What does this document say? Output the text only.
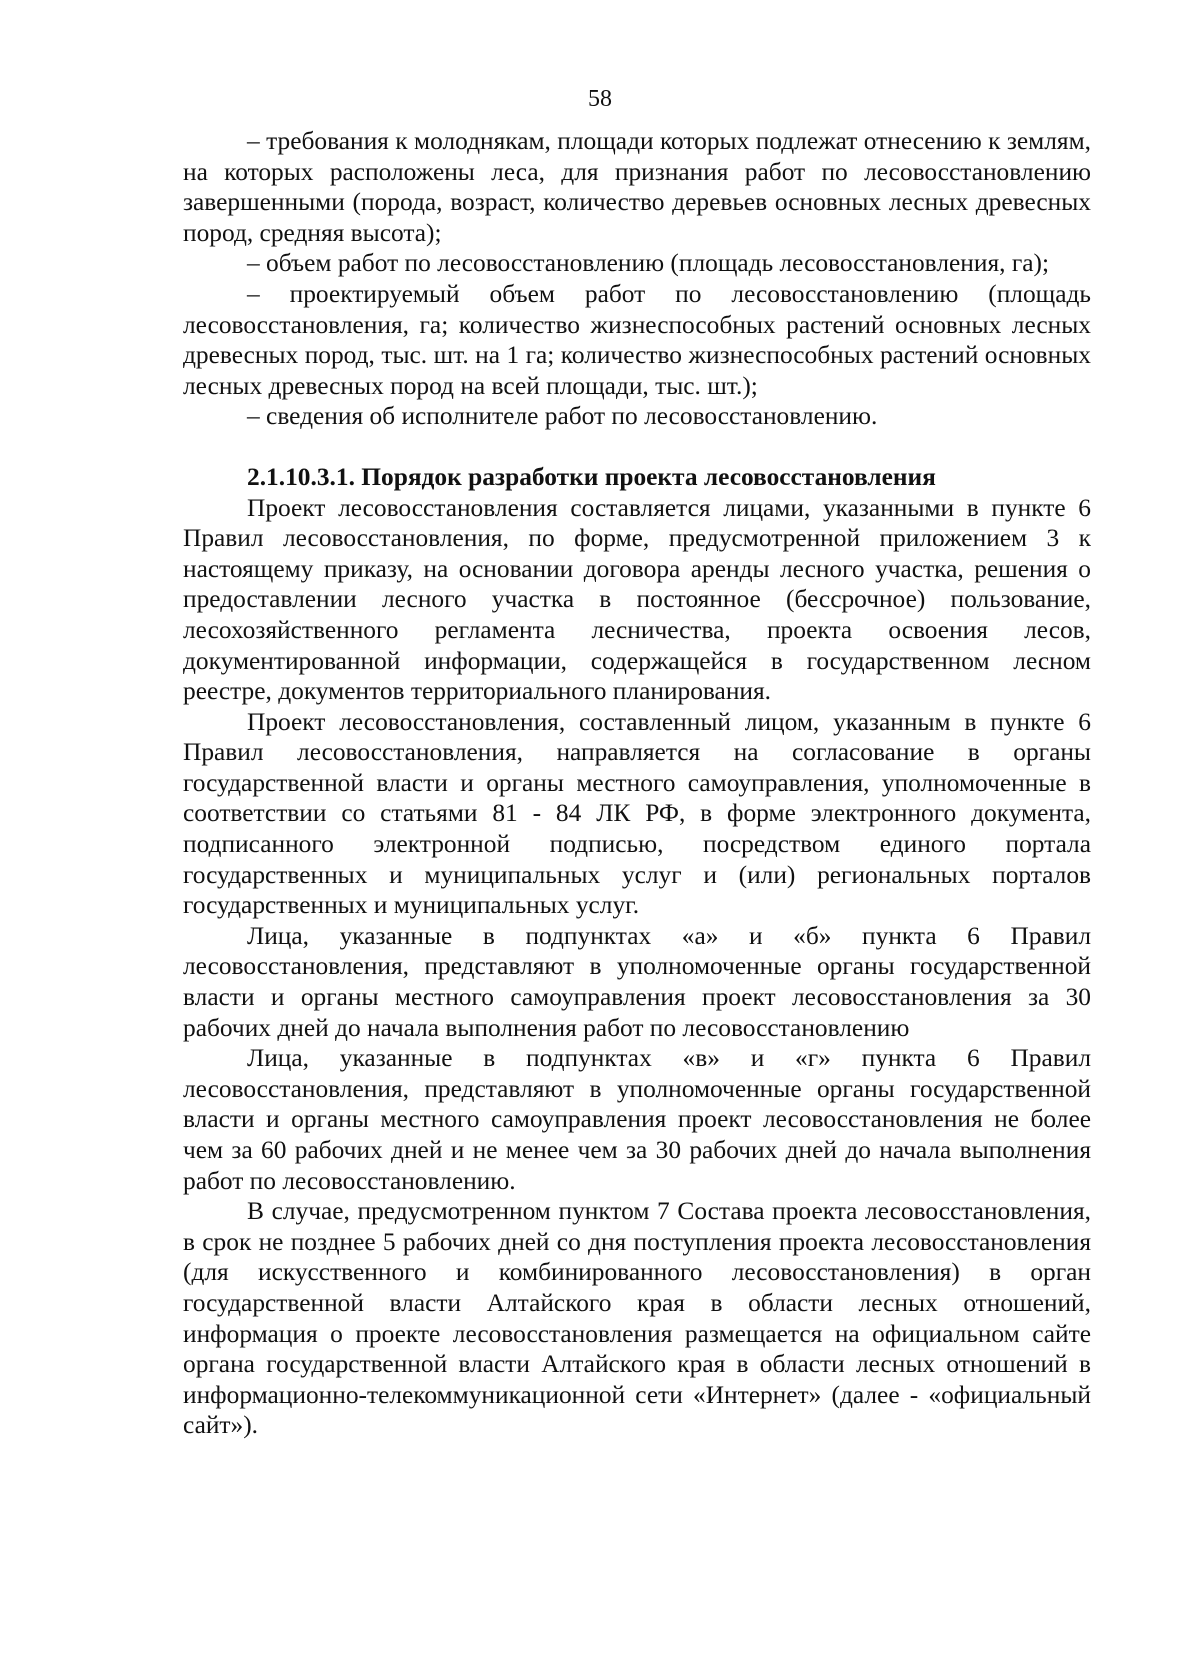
58

– требования к молоднякам, площади которых подлежат отнесению к землям, на которых расположены леса, для признания работ по лесовосстановлению завершенными (порода, возраст, количество деревьев основных лесных древесных пород, средняя высота);

– объем работ по лесовосстановлению (площадь лесовосстановления, га);

– проектируемый объем работ по лесовосстановлению (площадь лесовосстановления, га; количество жизнеспособных растений основных лесных древесных пород, тыс. шт. на 1 га; количество жизнеспособных растений основных лесных древесных пород на всей площади, тыс. шт.);

– сведения об исполнителе работ по лесовосстановлению.

2.1.10.3.1. Порядок разработки проекта лесовосстановления

Проект лесовосстановления составляется лицами, указанными в пункте 6 Правил лесовосстановления, по форме, предусмотренной приложением 3 к настоящему приказу, на основании договора аренды лесного участка, решения о предоставлении лесного участка в постоянное (бессрочное) пользование, лесохозяйственного регламента лесничества, проекта освоения лесов, документированной информации, содержащейся в государственном лесном реестре, документов территориального планирования.

Проект лесовосстановления, составленный лицом, указанным в пункте 6 Правил лесовосстановления, направляется на согласование в органы государственной власти и органы местного самоуправления, уполномоченные в соответствии со статьями 81 - 84 ЛК РФ, в форме электронного документа, подписанного электронной подписью, посредством единого портала государственных и муниципальных услуг и (или) региональных порталов государственных и муниципальных услуг.

Лица, указанные в подпунктах «а» и «б» пункта 6 Правил лесовосстановления, представляют в уполномоченные органы государственной власти и органы местного самоуправления проект лесовосстановления за 30 рабочих дней до начала выполнения работ по лесовосстановлению

Лица, указанные в подпунктах «в» и «г» пункта 6 Правил лесовосстановления, представляют в уполномоченные органы государственной власти и органы местного самоуправления проект лесовосстановления не более чем за 60 рабочих дней и не менее чем за 30 рабочих дней до начала выполнения работ по лесовосстановлению.

В случае, предусмотренном пунктом 7 Состава проекта лесовосстановления, в срок не позднее 5 рабочих дней со дня поступления проекта лесовосстановления (для искусственного и комбинированного лесовосстановления) в орган государственной власти Алтайского края в области лесных отношений, информация о проекте лесовосстановления размещается на официальном сайте органа государственной власти Алтайского края в области лесных отношений в информационно-телекоммуникационной сети «Интернет» (далее - «официальный сайт»).
